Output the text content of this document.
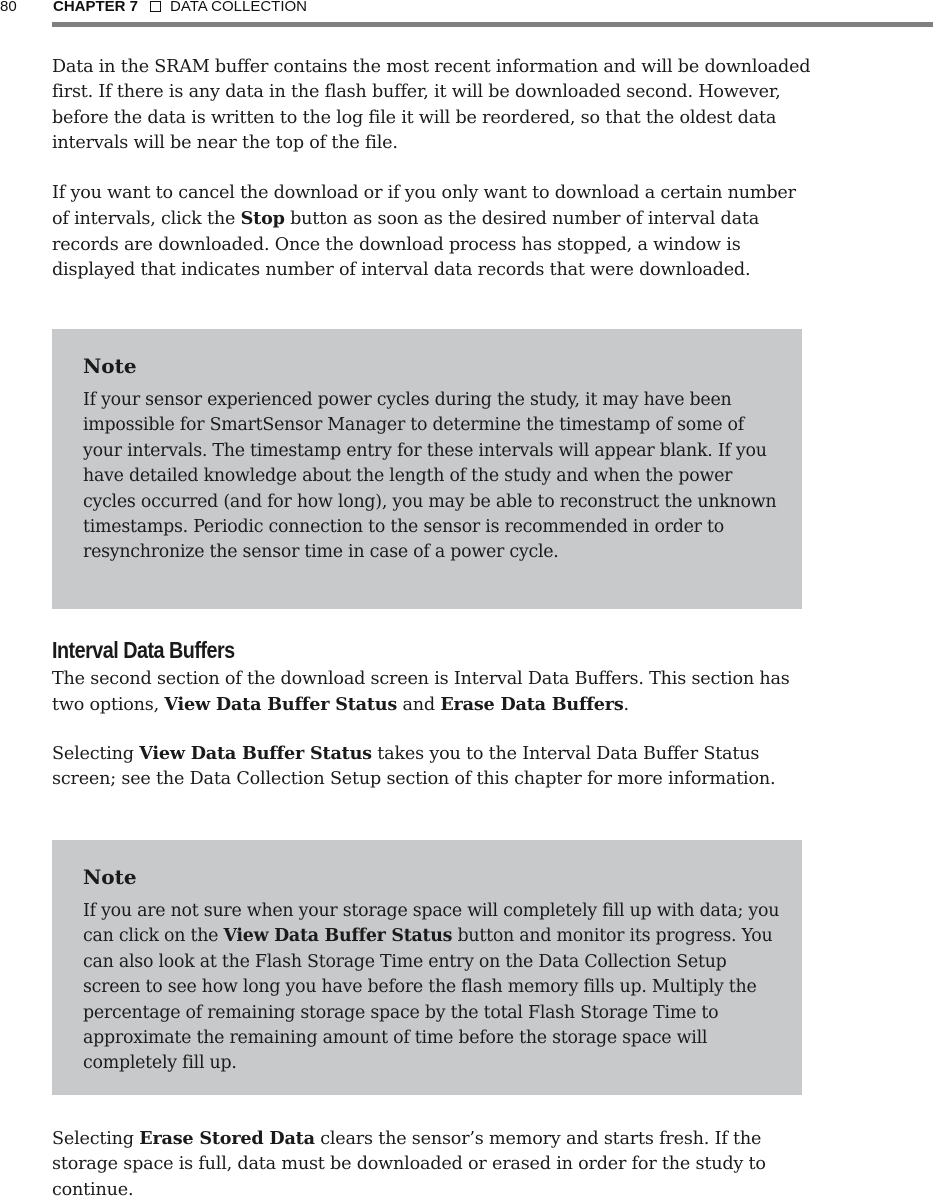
80 CHAPTER 7 DATA COLLECTION

Data in the SRAM buffer contains the most recent information and will be downloaded first. If there is any data in the flash buffer, it will be downloaded second. However, before the data is written to the log file it will be reordered, so that the oldest data intervals will be near the top of the file.

If you want to cancel the download or if you only want to download a certain number of intervals, click the Stop button as soon as the desired number of interval data records are downloaded. Once the download process has stopped, a window is displayed that indicates number of interval data records that were downloaded.

Note

If your sensor experienced power cycles during the study, it may have been impossible for SmartSensor Manager to determine the timestamp of some of your intervals. The timestamp entry for these intervals will appear blank. If you have detailed knowledge about the length of the study and when the power cycles occurred (and for how long), you may be able to reconstruct the unknown timestamps. Periodic connection to the sensor is recommended in order to resynchronize the sensor time in case of a power cycle.

Interval Data Buffers

The second section of the download screen is Interval Data Buffers. This section has two options, View Data Buffer Status and Erase Data Buffers.

Selecting View Data Buffer Status takes you to the Interval Data Buffer Status screen; see the Data Collection Setup section of this chapter for more information.

Note

If you are not sure when your storage space will completely fill up with data; you can click on the View Data Buffer Status button and monitor its progress. You can also look at the Flash Storage Time entry on the Data Collection Setup screen to see how long you have before the flash memory fills up. Multiply the percentage of remaining storage space by the total Flash Storage Time to approximate the remaining amount of time before the storage space will completely fill up.

Selecting Erase Stored Data clears the sensor’s memory and starts fresh. If the storage space is full, data must be downloaded or erased in order for the study to continue.
